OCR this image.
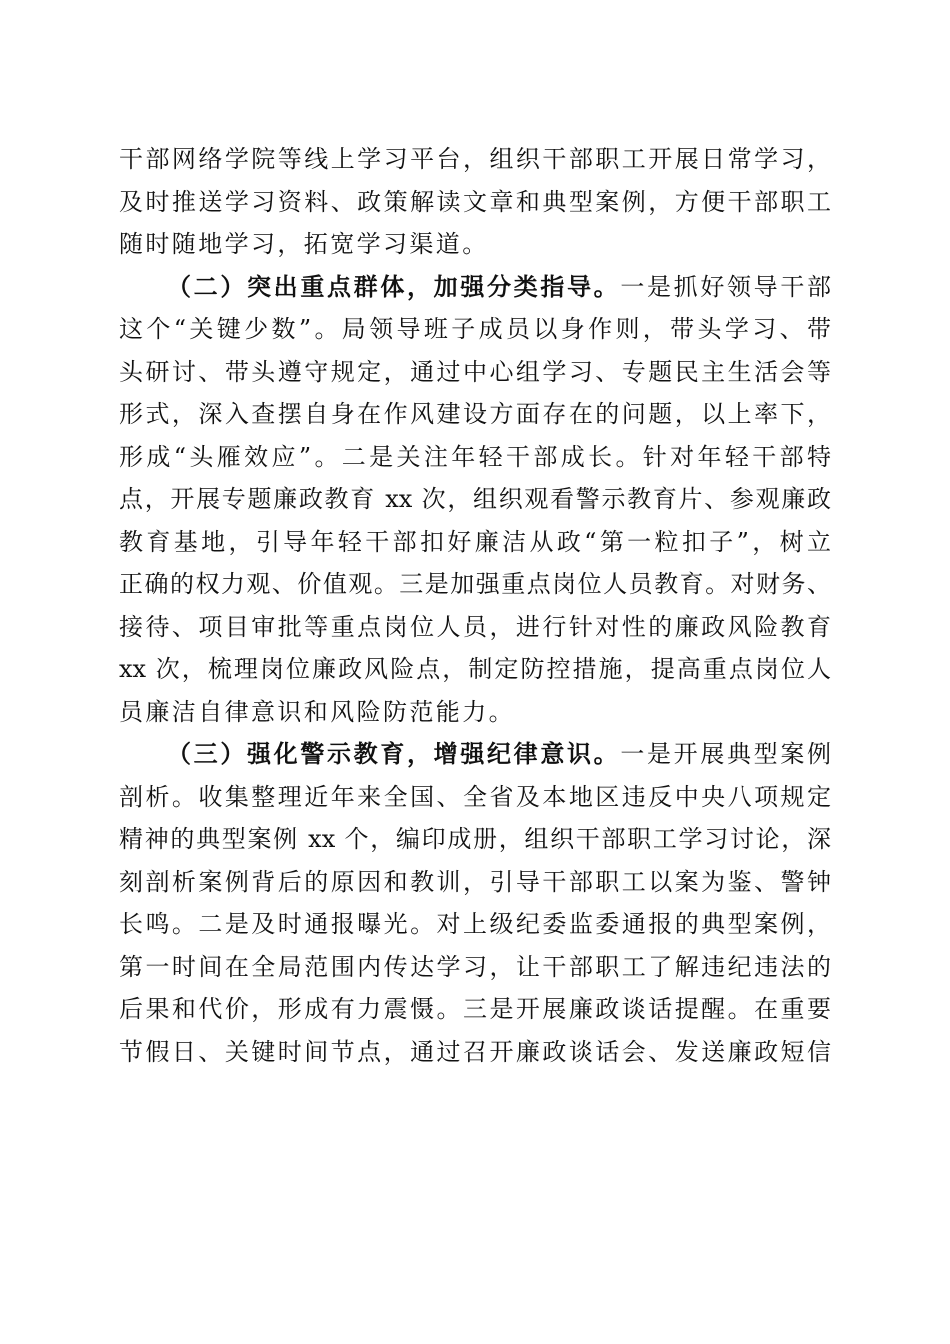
干部网络学院等线上学习平台，组织干部职工开展日常学习，
及时推送学习资料、政策解读文章和典型案例，方便干部职工
随时随地学习，拓宽学习渠道。
（二）突出重点群体，加强分类指导。一是抓好领导干部
这个“关键少数”。局领导班子成员以身作则，带头学习、带
头研讨、带头遵守规定，通过中心组学习、专题民主生活会等
形式，深入查摆自身在作风建设方面存在的问题，以上率下，
形成“头雁效应”。二是关注年轻干部成长。针对年轻干部特
点，开展专题廉政教育 xx 次，组织观看警示教育片、参观廉政
教育基地，引导年轻干部扣好廉洁从政“第一粒扣子”，树立
正确的权力观、价值观。三是加强重点岗位人员教育。对财务、
接待、项目审批等重点岗位人员，进行针对性的廉政风险教育
xx 次，梳理岗位廉政风险点，制定防控措施，提高重点岗位人
员廉洁自律意识和风险防范能力。
（三）强化警示教育，增强纪律意识。一是开展典型案例
剖析。收集整理近年来全国、全省及本地区违反中央八项规定
精神的典型案例 xx 个，编印成册，组织干部职工学习讨论，深
刻剖析案例背后的原因和教训，引导干部职工以案为鉴、警钟
长鸣。二是及时通报曝光。对上级纪委监委通报的典型案例，
第一时间在全局范围内传达学习，让干部职工了解违纪违法的
后果和代价，形成有力震慑。三是开展廉政谈话提醒。在重要
节假日、关键时间节点，通过召开廉政谈话会、发送廉政短信
